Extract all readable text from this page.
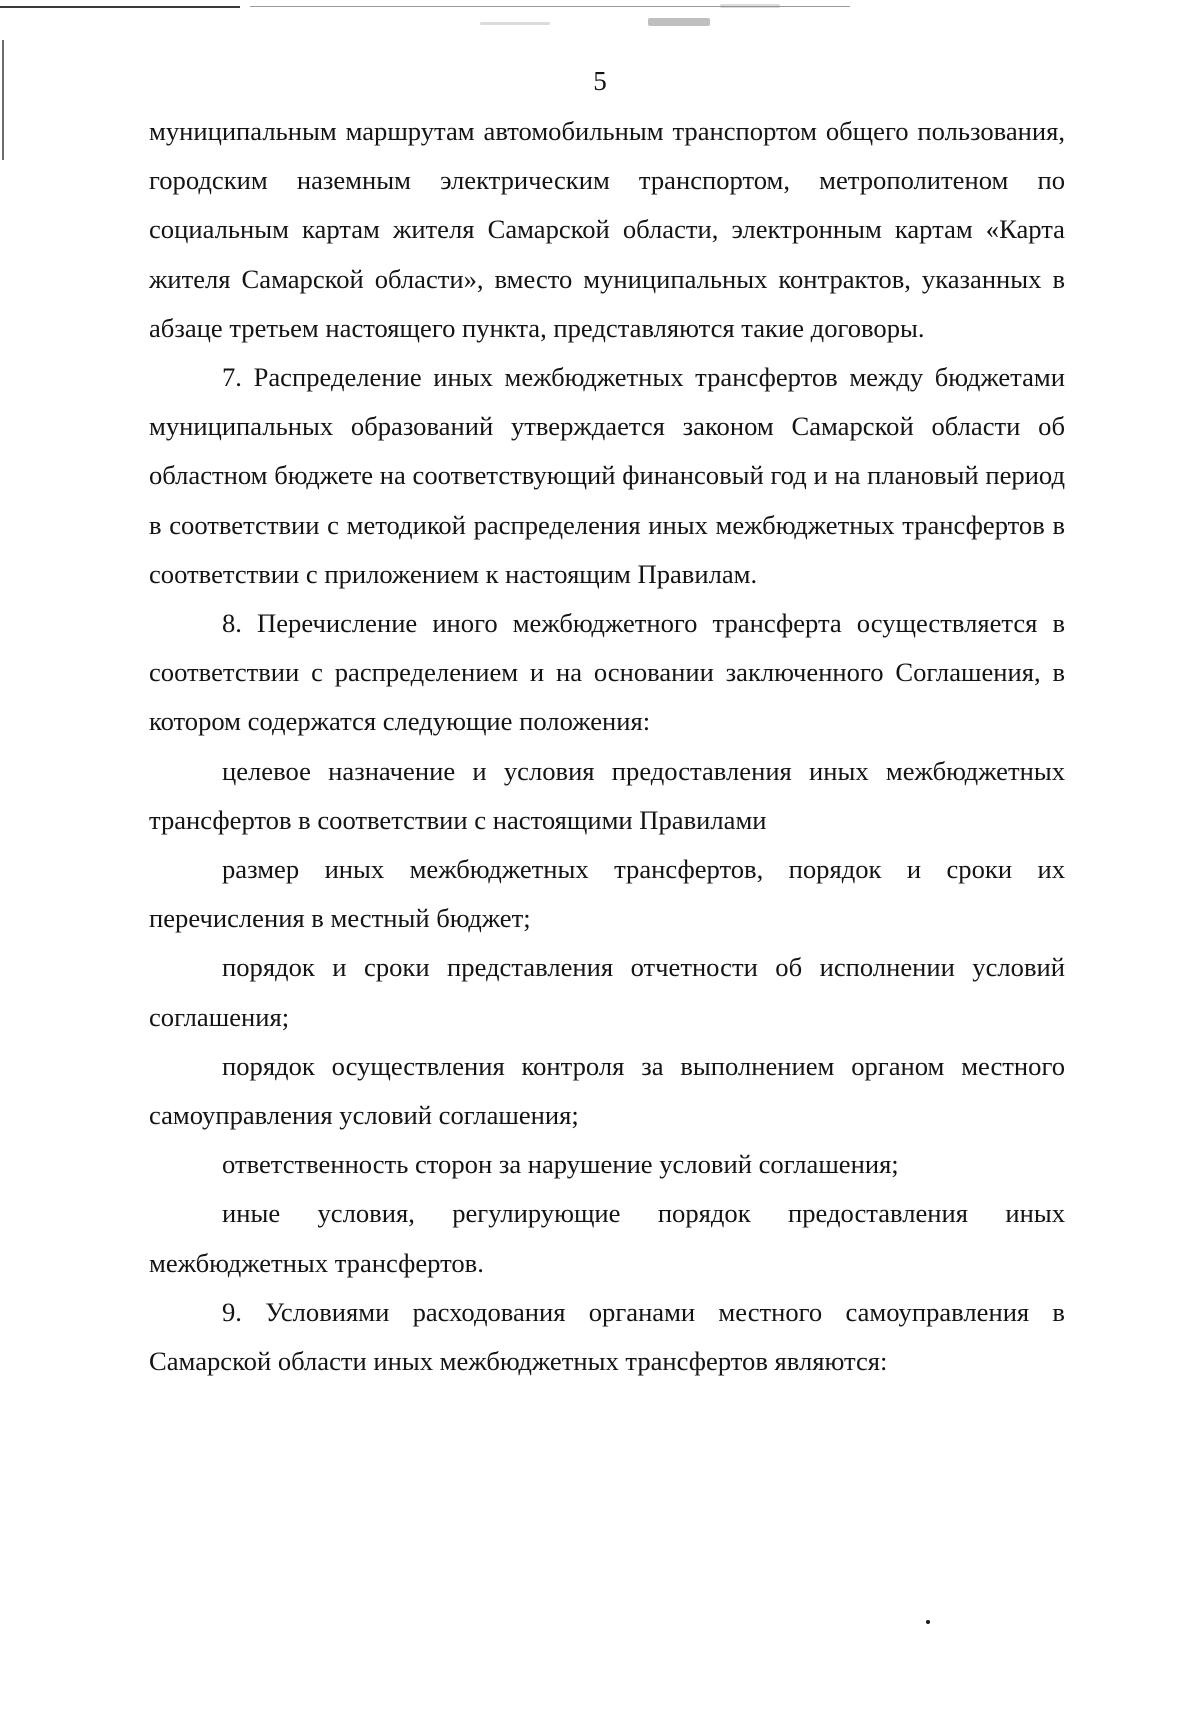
5

муниципальным маршрутам автомобильным транспортом общего пользования, городским наземным электрическим транспортом, метрополитеном по социальным картам жителя Самарской области, электронным картам «Карта жителя Самарской области», вместо муниципальных контрактов, указанных в абзаце третьем настоящего пункта, представляются такие договоры.

7. Распределение иных межбюджетных трансфертов между бюджетами муниципальных образований утверждается законом Самарской области об областном бюджете на соответствующий финансовый год и на плановый период в соответствии с методикой распределения иных межбюджетных трансфертов в соответствии с приложением к настоящим Правилам.

8. Перечисление иного межбюджетного трансферта осуществляется в соответствии с распределением и на основании заключенного Соглашения, в котором содержатся следующие положения:

целевое назначение и условия предоставления иных межбюджетных трансфертов в соответствии с настоящими Правилами

размер иных межбюджетных трансфертов, порядок и сроки их перечисления в местный бюджет;

порядок и сроки представления отчетности об исполнении условий соглашения;

порядок осуществления контроля за выполнением органом местного самоуправления условий соглашения;

ответственность сторон за нарушение условий соглашения;

иные условия, регулирующие порядок предоставления иных межбюджетных трансфертов.

9. Условиями расходования органами местного самоуправления в Самарской области иных межбюджетных трансфертов являются:
